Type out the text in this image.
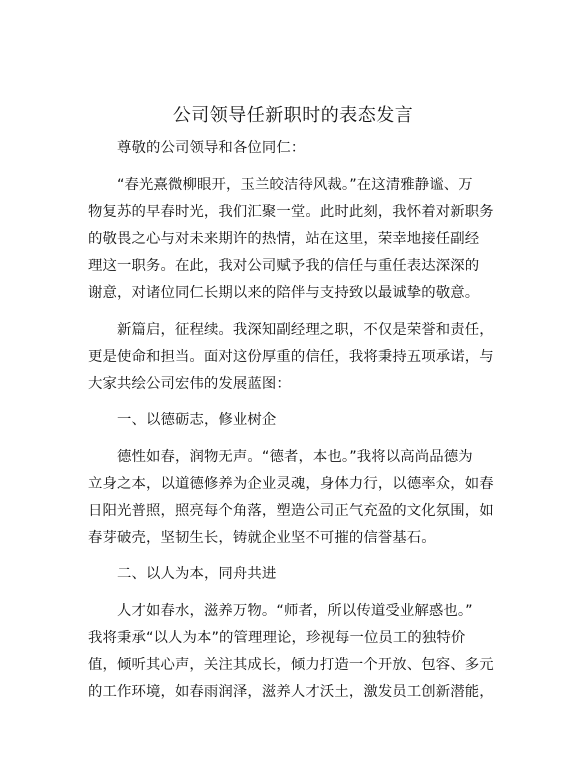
公司领导任新职时的表态发言
尊敬的公司领导和各位同仁：
“春光熹微柳眼开，玉兰皎洁待风裁。”在这清雅静谧、万
物复苏的早春时光，我们汇聚一堂。此时此刻，我怀着对新职务
的敬畏之心与对未来期许的热情，站在这里，荣幸地接任副经
理这一职务。在此，我对公司赋予我的信任与重任表达深深的
谢意，对诸位同仁长期以来的陪伴与支持致以最诚挚的敬意。
新篇启，征程续。我深知副经理之职，不仅是荣誉和责任，
更是使命和担当。面对这份厚重的信任，我将秉持五项承诺，与
大家共绘公司宏伟的发展蓝图：
一、以德砺志，修业树企
德性如春，润物无声。“德者，本也。”我将以高尚品德为
立身之本，以道德修养为企业灵魂，身体力行，以德率众，如春
日阳光普照，照亮每个角落，塑造公司正气充盈的文化氛围，如
春芽破壳，坚韧生长，铸就企业坚不可摧的信誉基石。
二、以人为本，同舟共进
人才如春水，滋养万物。“师者，所以传道受业解惑也。”
我将秉承“以人为本”的管理理论，珍视每一位员工的独特价
值，倾听其心声，关注其成长，倾力打造一个开放、包容、多元
的工作环境，如春雨润泽，滋养人才沃土，激发员工创新潜能，
